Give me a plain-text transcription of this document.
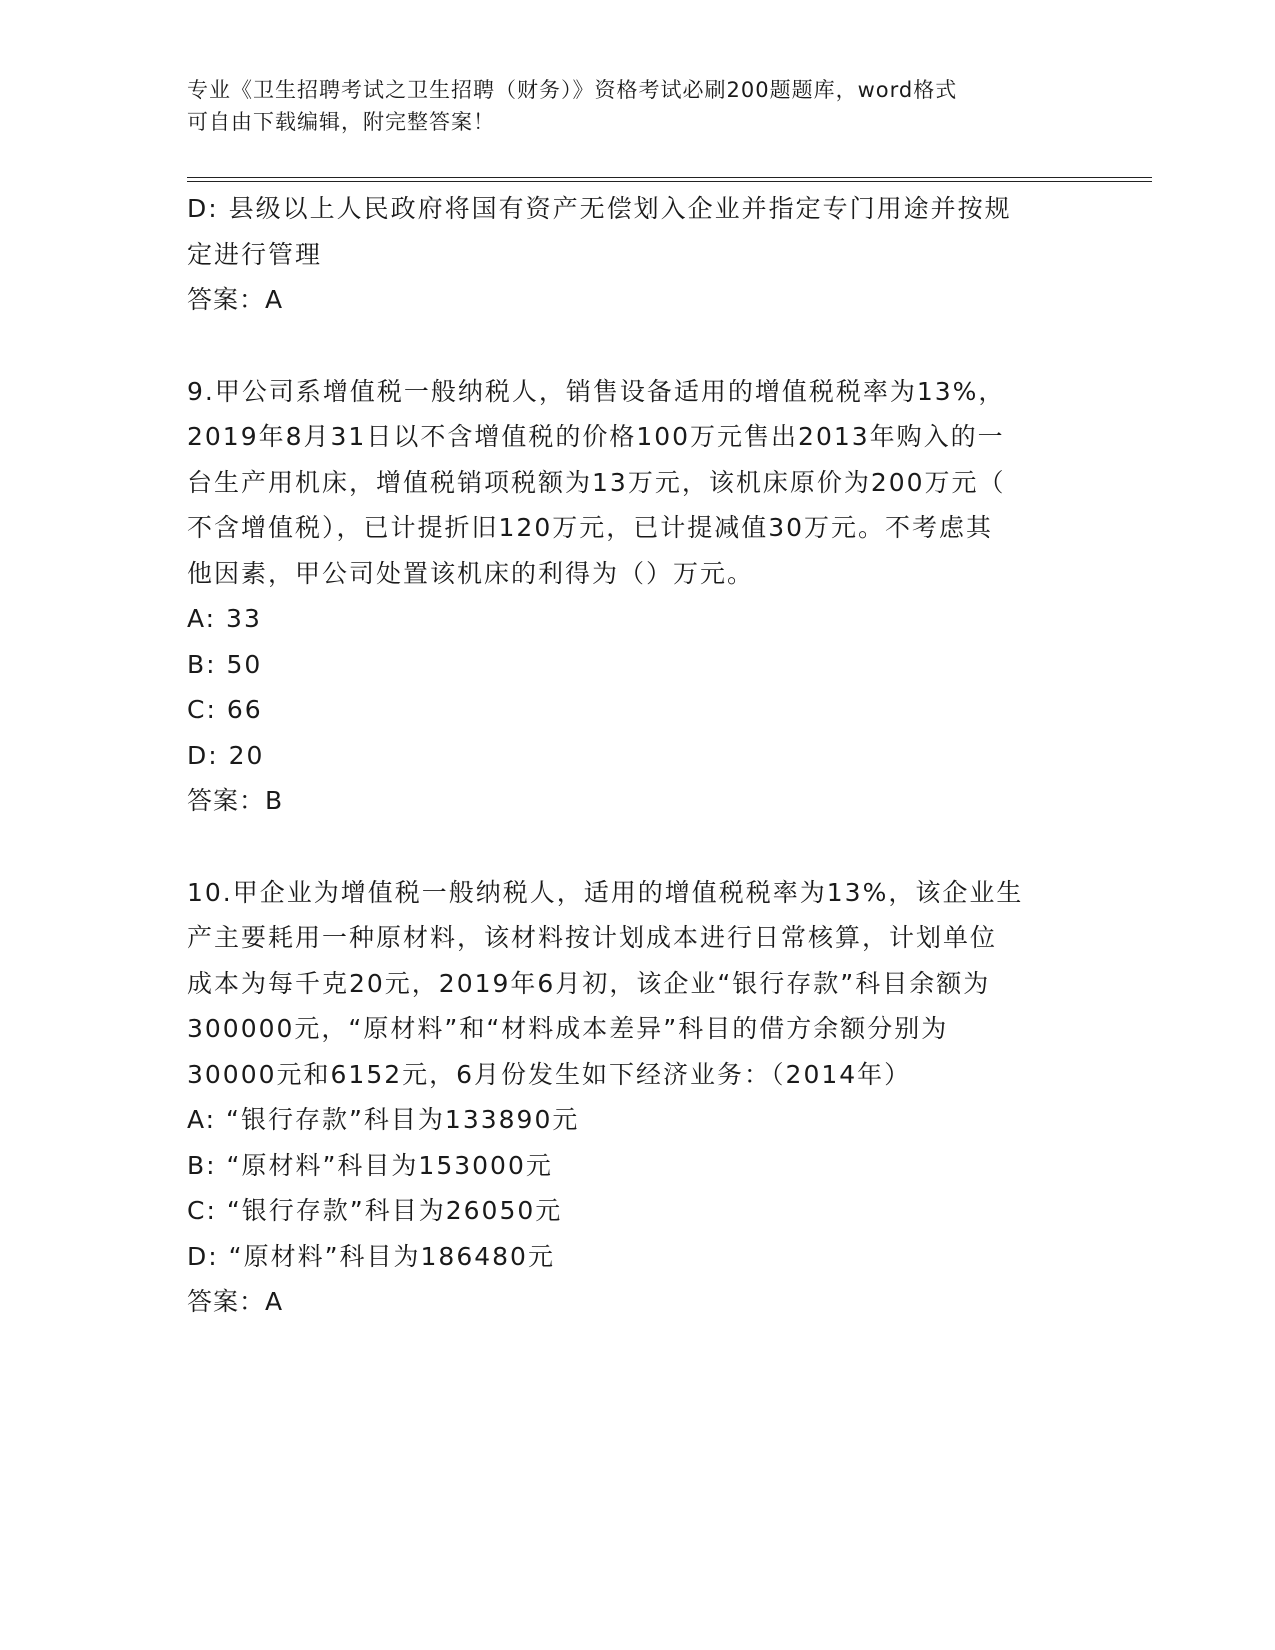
专业《卫生招聘考试之卫生招聘（财务）》资格考试必刷200题题库，word格式
可自由下载编辑，附完整答案！
D: 县级以上人民政府将国有资产无偿划入企业并指定专门用途并按规
定进行管理
答案：A
9.甲公司系增值税一般纳税人，销售设备适用的增值税税率为13%，
2019年8月31日以不含增值税的价格100万元售出2013年购入的一
台生产用机床，增值税销项税额为13万元，该机床原价为200万元（
不含增值税），已计提折旧120万元，已计提减值30万元。不考虑其
他因素，甲公司处置该机床的利得为（）万元。
A: 33
B: 50
C: 66
D: 20
答案：B
10.甲企业为增值税一般纳税人，适用的增值税税率为13%，该企业生
产主要耗用一种原材料，该材料按计划成本进行日常核算，计划单位
成本为每千克20元，2019年6月初，该企业“银行存款”科目余额为
300000元，“原材料”和“材料成本差异”科目的借方余额分别为
30000元和6152元，6月份发生如下经济业务：（2014年）
A: “银行存款”科目为133890元
B: “原材料”科目为153000元
C: “银行存款”科目为26050元
D: “原材料”科目为186480元
答案：A
